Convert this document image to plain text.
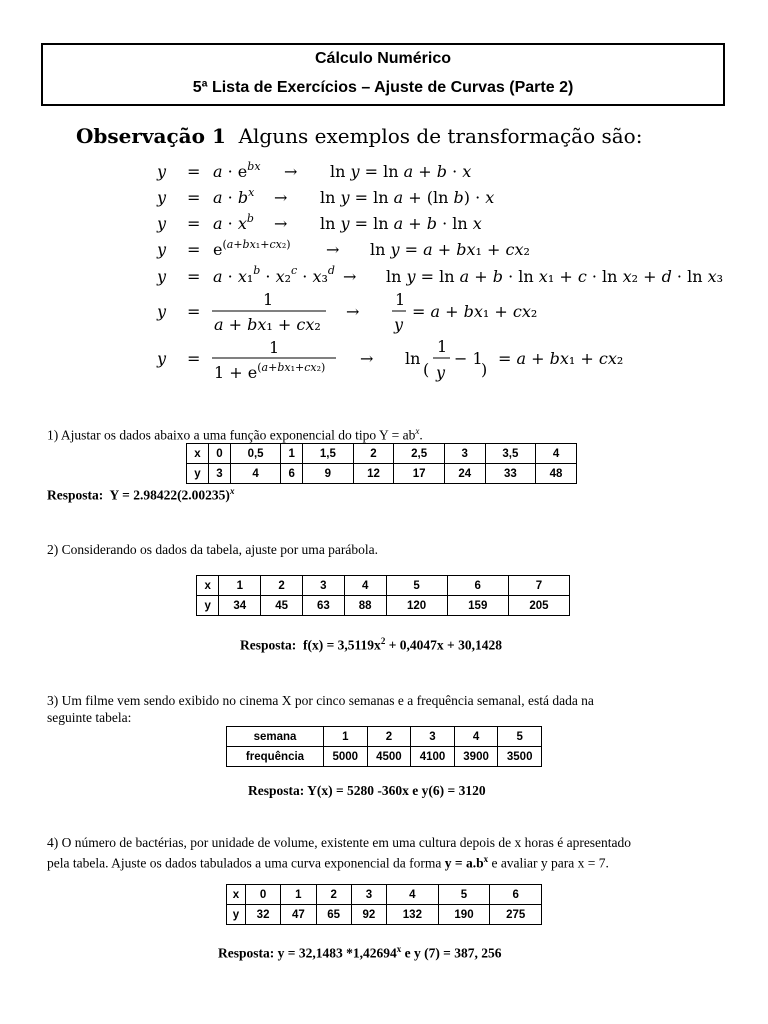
Cálculo Numérico
5ª Lista de Exercícios – Ajuste de Curvas (Parte 2)
Observação 1 Alguns exemplos de transformação são:
$y = a \cdot e^{bx} \to \ln y = \ln a + b \cdot x$
$y = a \cdot b^x \to \ln y = \ln a + (\ln$ b) · x
$y = a \cdot x^b \to \ln y = \ln a + b \cdot \ln x$
$y = e^{(a+bx_1+cx_2)} \to \ln y = a + bx_1 + cx_2$
y = a · x₁$^b$ · x₂$^c$ · x₃$^d$ → ln y = ln a + b · ln x₁ + c · ln x₂ + d · ln x₃
y =
1
a + bx₁ + cx₂
→
1
y
= a + bx₁ + cx₂
y =
1
$1 + e^{(a+bx_1+cx_2)} \to \ln$
(
1
y
− 1
)
= a + bx₁ + cx₂
1) Ajustar os dados abaixo a uma função exponencial do tipo $Y = ab^x$.
x	0	0,5	1	1,5	2	2,5	3	3,5	4
y	3	4	6	9	12	17	24	33	48
Resposta: $Y = 2.98422(2.00235)^x$
2) Considerando os dados da tabela, ajuste por uma parábola.
x	1	2	3	4	5	6	7
y	34	45	63	88	120	159	205
Resposta: $f(x) = 3,5119x^2 + 0,4047x + 30,1428$
3) Um filme vem sendo exibido no cinema X por cinco semanas e a frequência semanal, está dada na
seguinte tabela:
semana	1	2	3	4	5
frequência	5000	4500	4100	3900	3500
Resposta: Y(x) = 5280 -360x e y(6) = 3120
4) O número de bactérias, por unidade de volume, existente em uma cultura depois de x horas é apresentado
pela tabela. Ajuste os dados tabulados a uma curva exponencial da forma $y = a.b^x$ e avaliar y para x = 7.
x	0	1	2	3	4	5	6
y	32	47	65	92	132	190	275
Resposta: y = 32,1483 *1,42694$^x$ e y (7) = 387, 256
